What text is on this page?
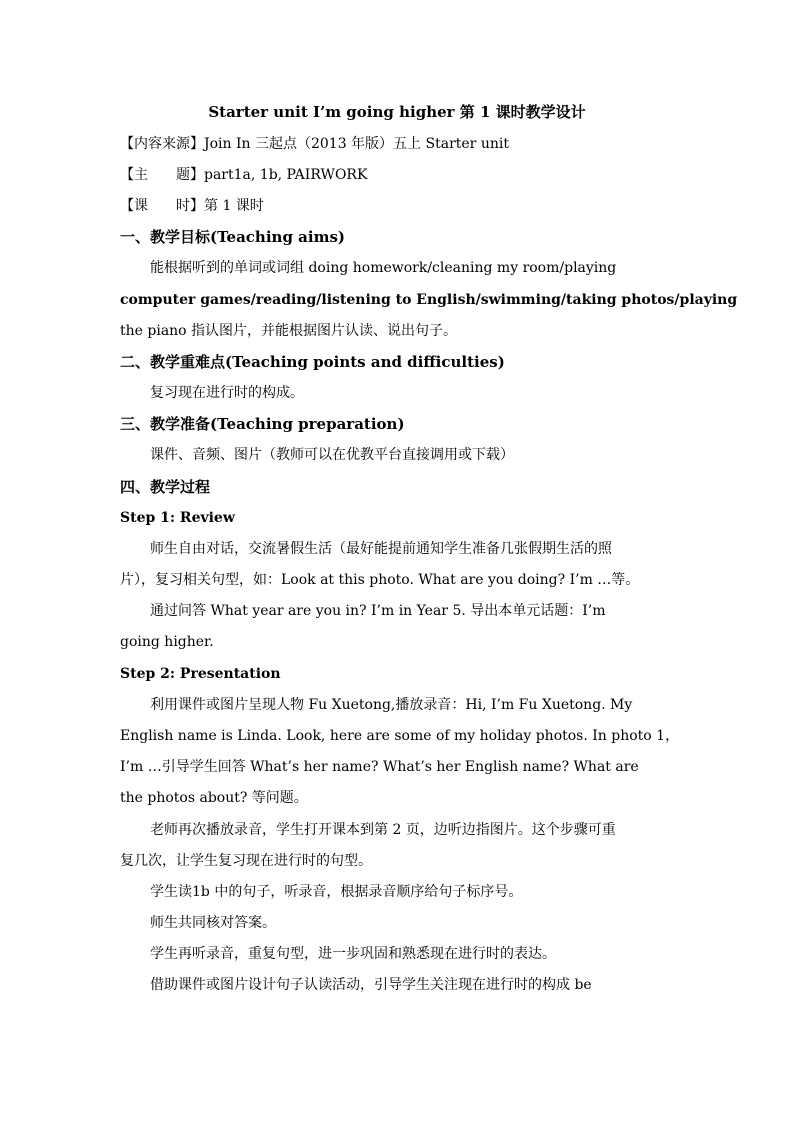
Starter unit I’m going higher 第 1 课时教学设计
【内容来源】Join In 三起点（2013 年版）五上 Starter unit
【主　　题】part1a, 1b, PAIRWORK
【课　　时】第 1 课时
一、教学目标(Teaching aims)
能根据听到的单词或词组 doing homework/cleaning my room/playing
computer games/reading/listening to English/swimming/taking photos/playing
the piano 指认图片，并能根据图片认读、说出句子。
二、教学重难点(Teaching points and difficulties)
复习现在进行时的构成。
三、教学准备(Teaching preparation)
课件、音频、图片（教师可以在优教平台直接调用或下载）
四、教学过程
Step 1: Review
师生自由对话，交流暑假生活（最好能提前通知学生准备几张假期生活的照
片），复习相关句型，如：Look at this photo. What are you doing? I’m …等。
通过问答 What year are you in? I’m in Year 5. 导出本单元话题：I’m
going higher.
Step 2: Presentation
利用课件或图片呈现人物 Fu Xuetong,播放录音：Hi, I’m Fu Xuetong. My
English name is Linda. Look, here are some of my holiday photos. In photo 1，
I’m …引导学生回答 What’s her name? What’s her English name? What are
the photos about? 等问题。
老师再次播放录音，学生打开课本到第 2 页，边听边指图片。这个步骤可重
复几次，让学生复习现在进行时的句型。
学生读1b 中的句子，听录音，根据录音顺序给句子标序号。
师生共同核对答案。
学生再听录音，重复句型，进一步巩固和熟悉现在进行时的表达。
借助课件或图片设计句子认读活动，引导学生关注现在进行时的构成 be
